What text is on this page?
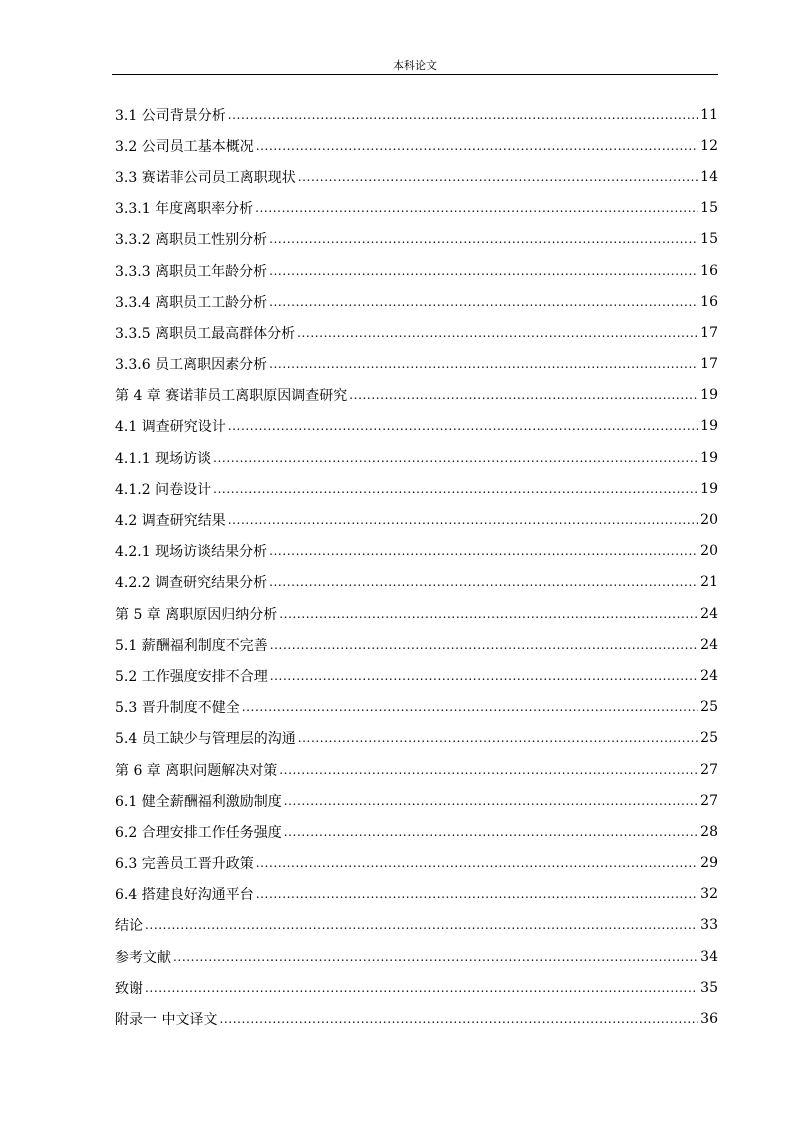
本科论文
3.1 公司背景分析 .....	11
3.2 公司员工基本概况 .....	12
3.3 赛诺菲公司员工离职现状 .....	14
3.3.1 年度离职率分析 .....	15
3.3.2 离职员工性别分析 .....	15
3.3.3 离职员工年龄分析 .....	16
3.3.4 离职员工工龄分析 .....	16
3.3.5 离职员工最高群体分析 .....	17
3.3.6 员工离职因素分析 .....	17
第 4 章 赛诺菲员工离职原因调查研究 .....	19
4.1 调查研究设计 .....	19
4.1.1 现场访谈 .....	19
4.1.2 问卷设计 .....	19
4.2 调查研究结果 .....	20
4.2.1 现场访谈结果分析 .....	20
4.2.2 调查研究结果分析 .....	21
第 5 章 离职原因归纳分析 .....	24
5.1 薪酬福利制度不完善 .....	24
5.2 工作强度安排不合理 .....	24
5.3 晋升制度不健全 .....	25
5.4 员工缺少与管理层的沟通 .....	25
第 6 章 离职问题解决对策 .....	27
6.1 健全薪酬福利激励制度 .....	27
6.2 合理安排工作任务强度 .....	28
6.3 完善员工晋升政策 .....	29
6.4 搭建良好沟通平台 .....	32
结论 .....	33
参考文献 .....	34
致谢 .....	35
附录一 中文译文 .....	36
